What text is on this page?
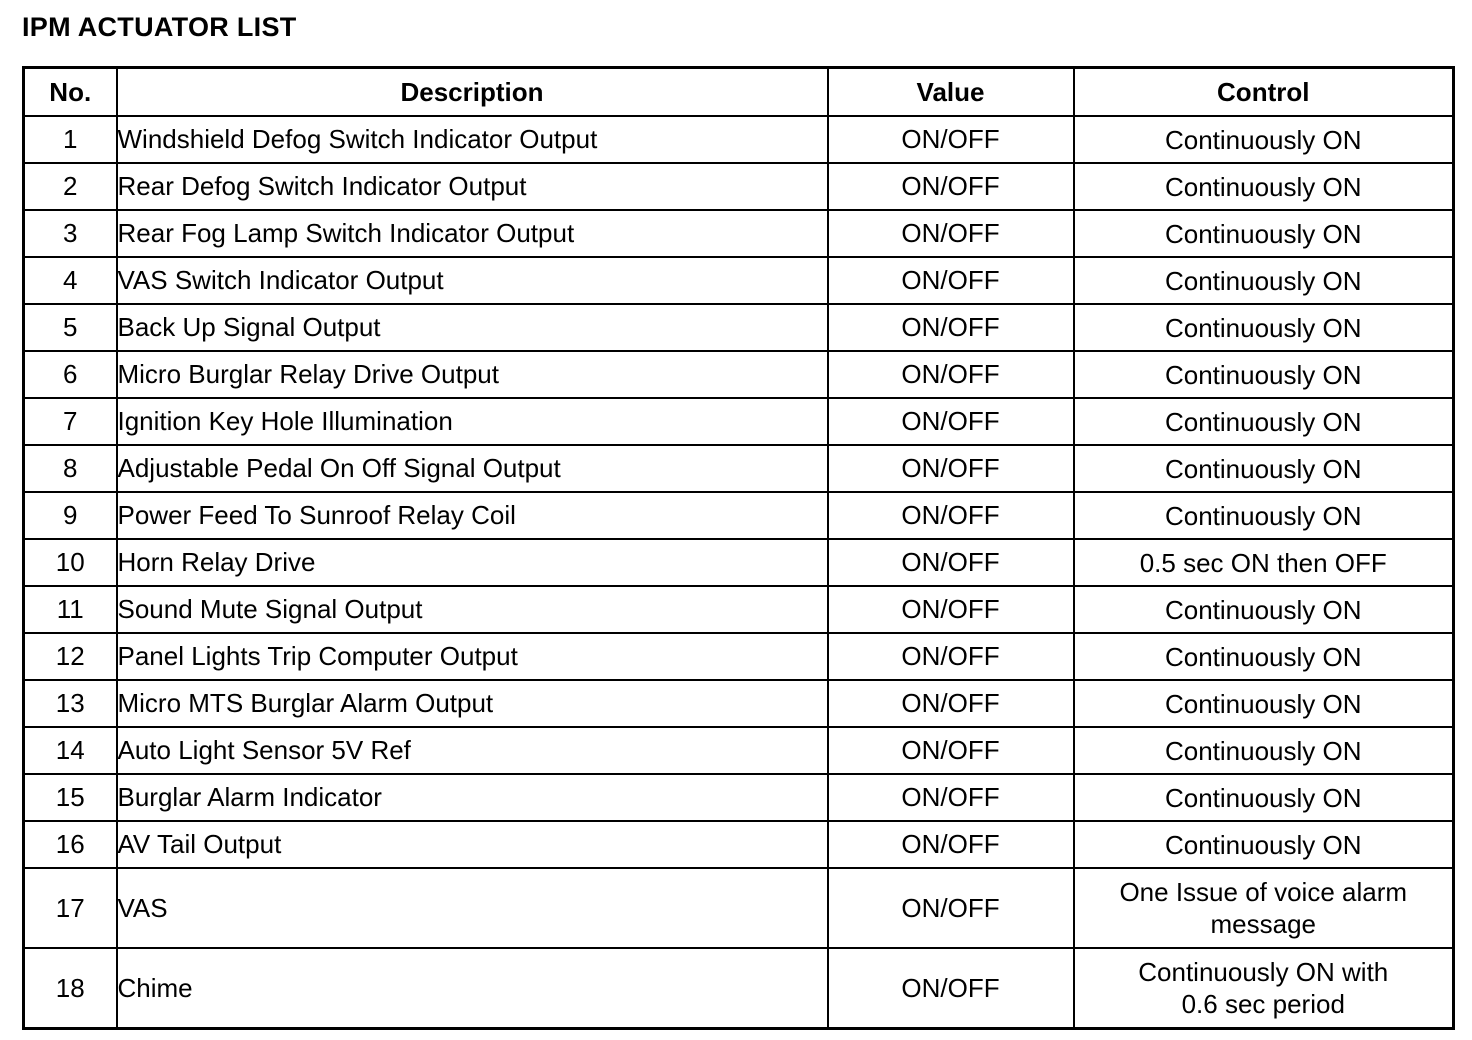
IPM ACTUATOR LIST
No.	Description	Value	Control
1	Windshield Defog Switch Indicator Output	ON/OFF	Continuously ON

2	Rear Defog Switch Indicator Output	ON/OFF	Continuously ON

3	Rear Fog Lamp Switch Indicator Output	ON/OFF	Continuously ON

4	VAS Switch Indicator Output	ON/OFF	Continuously ON

5	Back Up Signal Output	ON/OFF	Continuously ON

6	Micro Burglar Relay Drive Output	ON/OFF	Continuously ON

7	Ignition Key Hole Illumination	ON/OFF	Continuously ON

8	Adjustable Pedal On Off Signal Output	ON/OFF	Continuously ON

9	Power Feed To Sunroof Relay Coil	ON/OFF	Continuously ON

10	Horn Relay Drive	ON/OFF	0.5 sec ON then OFF

11	Sound Mute Signal Output	ON/OFF	Continuously ON

12	Panel Lights Trip Computer Output	ON/OFF	Continuously ON

13	Micro MTS Burglar Alarm Output	ON/OFF	Continuously ON

14	Auto Light Sensor 5V Ref	ON/OFF	Continuously ON

15	Burglar Alarm Indicator	ON/OFF	Continuously ON

16	AV Tail Output	ON/OFF	Continuously ON

17	VAS	ON/OFF	One Issue of voice alarm
message

18	Chime	ON/OFF	Continuously ON with
0.6 sec period
